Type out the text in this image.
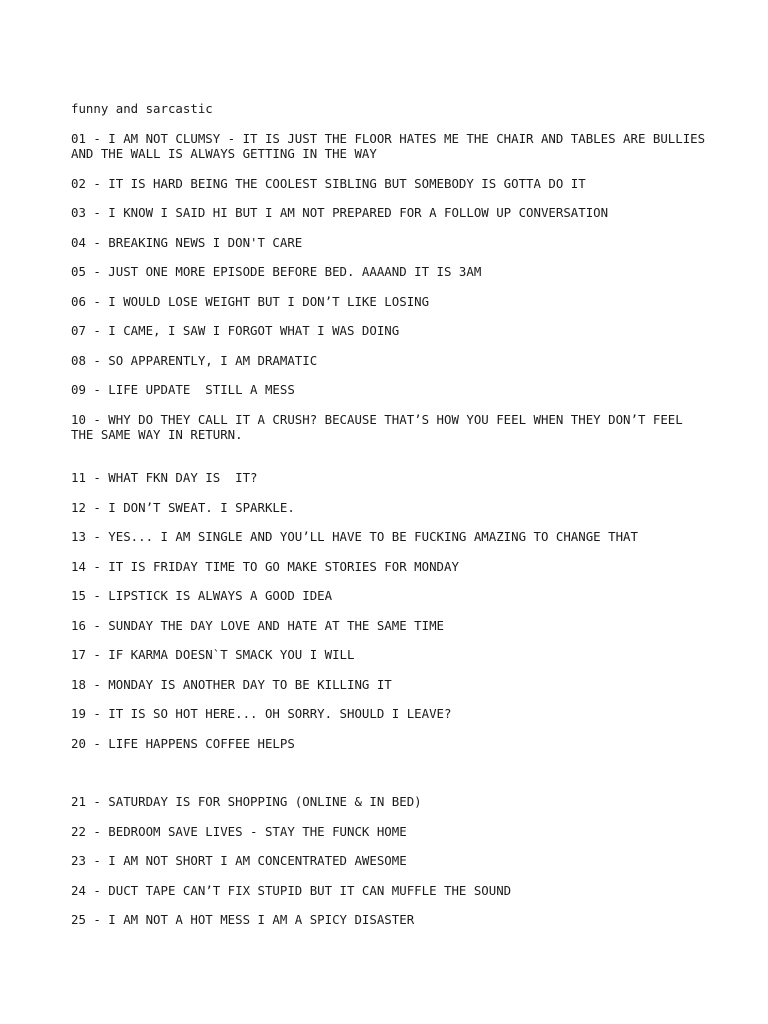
funny and sarcastic
01 - I AM NOT CLUMSY - IT IS JUST THE FLOOR HATES ME THE CHAIR AND TABLES ARE BULLIES AND THE WALL IS ALWAYS GETTING IN THE WAY
02 - IT IS HARD BEING THE COOLEST SIBLING BUT SOMEBODY IS GOTTA DO IT
03 - I KNOW I SAID HI BUT I AM NOT PREPARED FOR A FOLLOW UP CONVERSATION
04 - BREAKING NEWS I DON'T CARE
05 - JUST ONE MORE EPISODE BEFORE BED. AAAAND IT IS 3AM
06 - I WOULD LOSE WEIGHT BUT I DON’T LIKE LOSING
07 - I CAME, I SAW I FORGOT WHAT I WAS DOING
08 - SO APPARENTLY, I AM DRAMATIC
09 - LIFE UPDATE  STILL A MESS
10 - WHY DO THEY CALL IT A CRUSH? BECAUSE THAT’S HOW YOU FEEL WHEN THEY DON’T FEEL THE SAME WAY IN RETURN.
11 - WHAT FKN DAY IS  IT?
12 - I DON’T SWEAT. I SPARKLE.
13 - YES... I AM SINGLE AND YOU’LL HAVE TO BE FUCKING AMAZING TO CHANGE THAT
14 - IT IS FRIDAY TIME TO GO MAKE STORIES FOR MONDAY
15 - LIPSTICK IS ALWAYS A GOOD IDEA
16 - SUNDAY THE DAY LOVE AND HATE AT THE SAME TIME
17 - IF KARMA DOESN`T SMACK YOU I WILL
18 - MONDAY IS ANOTHER DAY TO BE KILLING IT
19 - IT IS SO HOT HERE... OH SORRY. SHOULD I LEAVE?
20 - LIFE HAPPENS COFFEE HELPS
21 - SATURDAY IS FOR SHOPPING (ONLINE & IN BED)
22 - BEDROOM SAVE LIVES - STAY THE FUNCK HOME
23 - I AM NOT SHORT I AM CONCENTRATED AWESOME
24 - DUCT TAPE CAN’T FIX STUPID BUT IT CAN MUFFLE THE SOUND
25 - I AM NOT A HOT MESS I AM A SPICY DISASTER
